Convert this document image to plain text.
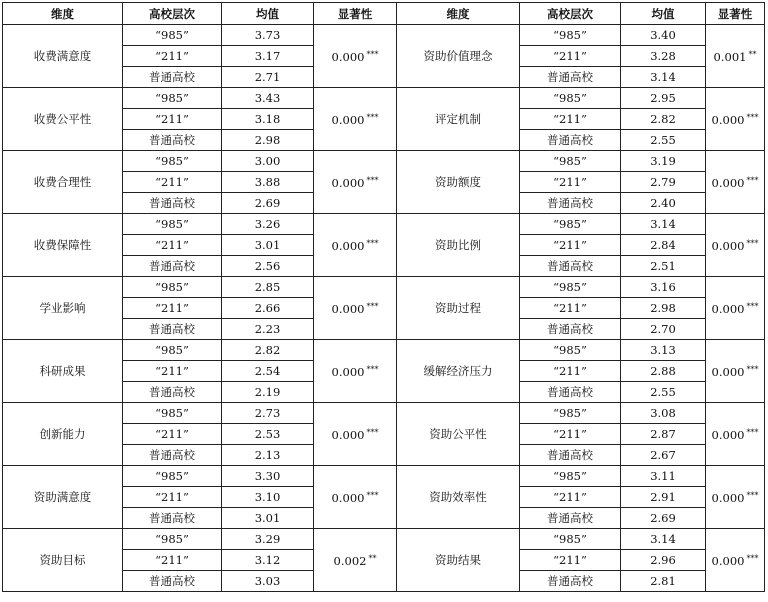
维度	高校层次	均值	显著性	维度	高校层次	均值	显著性
收费满意度	“985”	3.73	0.000 ***	资助价值理念	“985”	3.40	0.001 **
	“211”	3.17			“211”	3.28	
	普通高校	2.71			普通高校	3.14	
收费公平性	“985”	3.43	0.000 ***	评定机制	“985”	2.95	0.000 ***
	“211”	3.18			“211”	2.82	
	普通高校	2.98			普通高校	2.55	
收费合理性	“985”	3.00	0.000 ***	资助额度	“985”	3.19	0.000 ***
	“211”	3.88			“211”	2.79	
	普通高校	2.69			普通高校	2.40	
收费保障性	“985”	3.26	0.000 ***	资助比例	“985”	3.14	0.000 ***
	“211”	3.01			“211”	2.84	
	普通高校	2.56			普通高校	2.51	
学业影响	“985”	2.85	0.000 ***	资助过程	“985”	3.16	0.000 ***
	“211”	2.66			“211”	2.98	
	普通高校	2.23			普通高校	2.70	
科研成果	“985”	2.82	0.000 ***	缓解经济压力	“985”	3.13	0.000 ***
	“211”	2.54			“211”	2.88	
	普通高校	2.19			普通高校	2.55	
创新能力	“985”	2.73	0.000 ***	资助公平性	“985”	3.08	0.000 ***
	“211”	2.53			“211”	2.87	
	普通高校	2.13			普通高校	2.67	
资助满意度	“985”	3.30	0.000 ***	资助效率性	“985”	3.11	0.000 ***
	“211”	3.10			“211”	2.91	
	普通高校	3.01			普通高校	2.69	
资助目标	“985”	3.29	0.002 **	资助结果	“985”	3.14	0.000 ***
	“211”	3.12			“211”	2.96	
	普通高校	3.03			普通高校	2.81	
